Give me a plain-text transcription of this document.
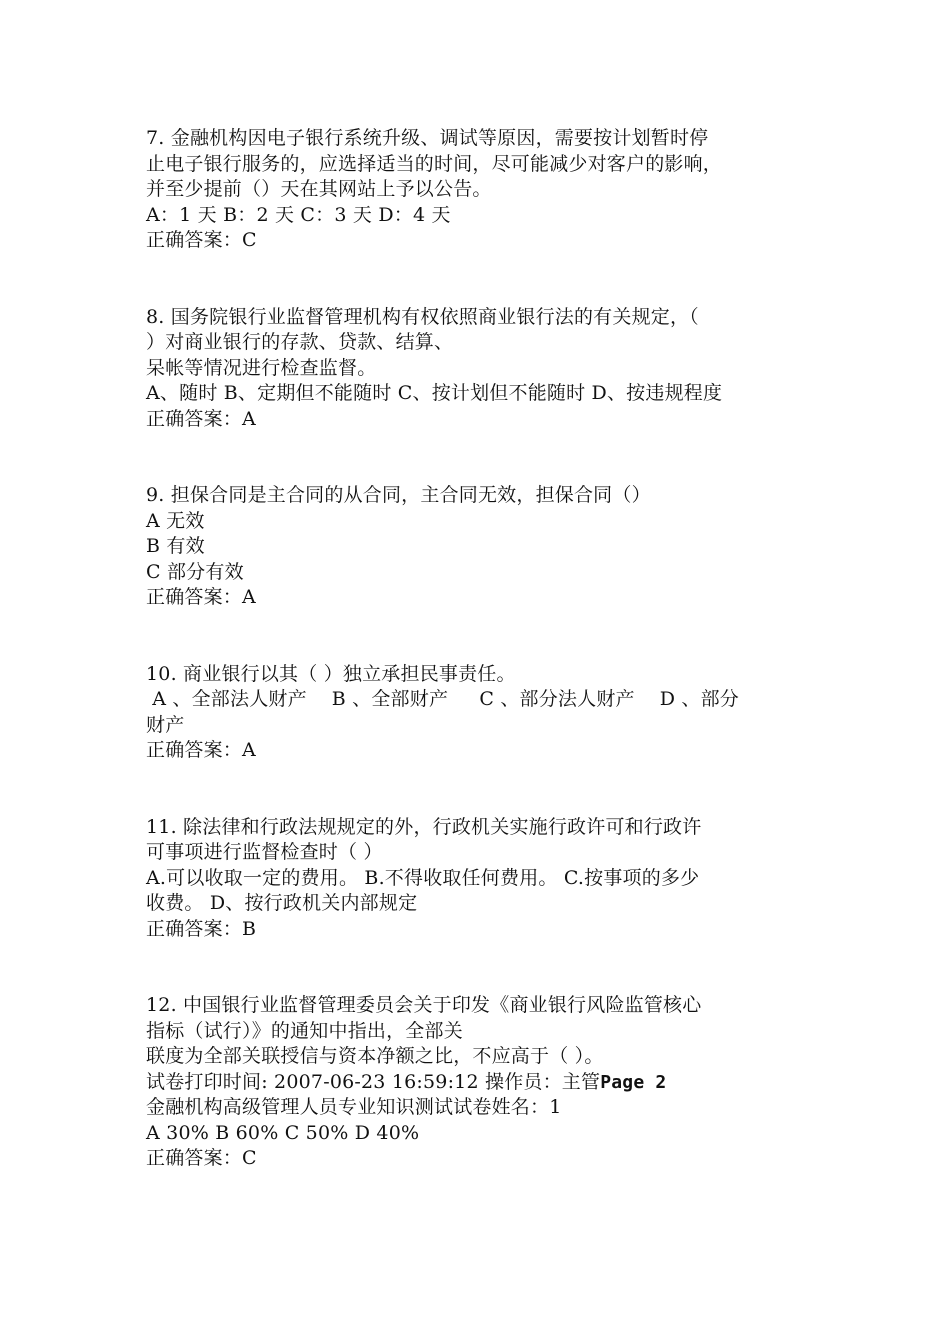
7. 金融机构因电子银行系统升级、调试等原因，需要按计划暂时停
止电子银行服务的，应选择适当的时间，尽可能减少对客户的影响，
并至少提前（）天在其网站上予以公告。
A：1 天 B：2 天 C：3 天 D：4 天
正确答案：C
8. 国务院银行业监督管理机构有权依照商业银行法的有关规定，（
）对商业银行的存款、贷款、结算、
呆帐等情况进行检查监督。
A、随时 B、定期但不能随时 C、按计划但不能随时 D、按违规程度
正确答案：A
9. 担保合同是主合同的从合同，主合同无效，担保合同（）
A 无效
B 有效
C 部分有效
正确答案：A
10. 商业银行以其（ ）独立承担民事责任。
A 、全部法人财产    B 、全部财产     C 、部分法人财产    D 、部分
财产
正确答案：A
11. 除法律和行政法规规定的外，行政机关实施行政许可和行政许
可事项进行监督检查时（ ）
A.可以收取一定的费用。 B.不得收取任何费用。 C.按事项的多少
收费。 D、按行政机关内部规定
正确答案：B
12. 中国银行业监督管理委员会关于印发《商业银行风险监管核心
指标（试行）》的通知中指出，全部关
联度为全部关联授信与资本净额之比，不应高于（ ）。
试卷打印时间: 2007-06-23 16:59:12 操作员：主管Page 2
金融机构高级管理人员专业知识测试试卷姓名：1
A 30% B 60% C 50% D 40%
正确答案：C
